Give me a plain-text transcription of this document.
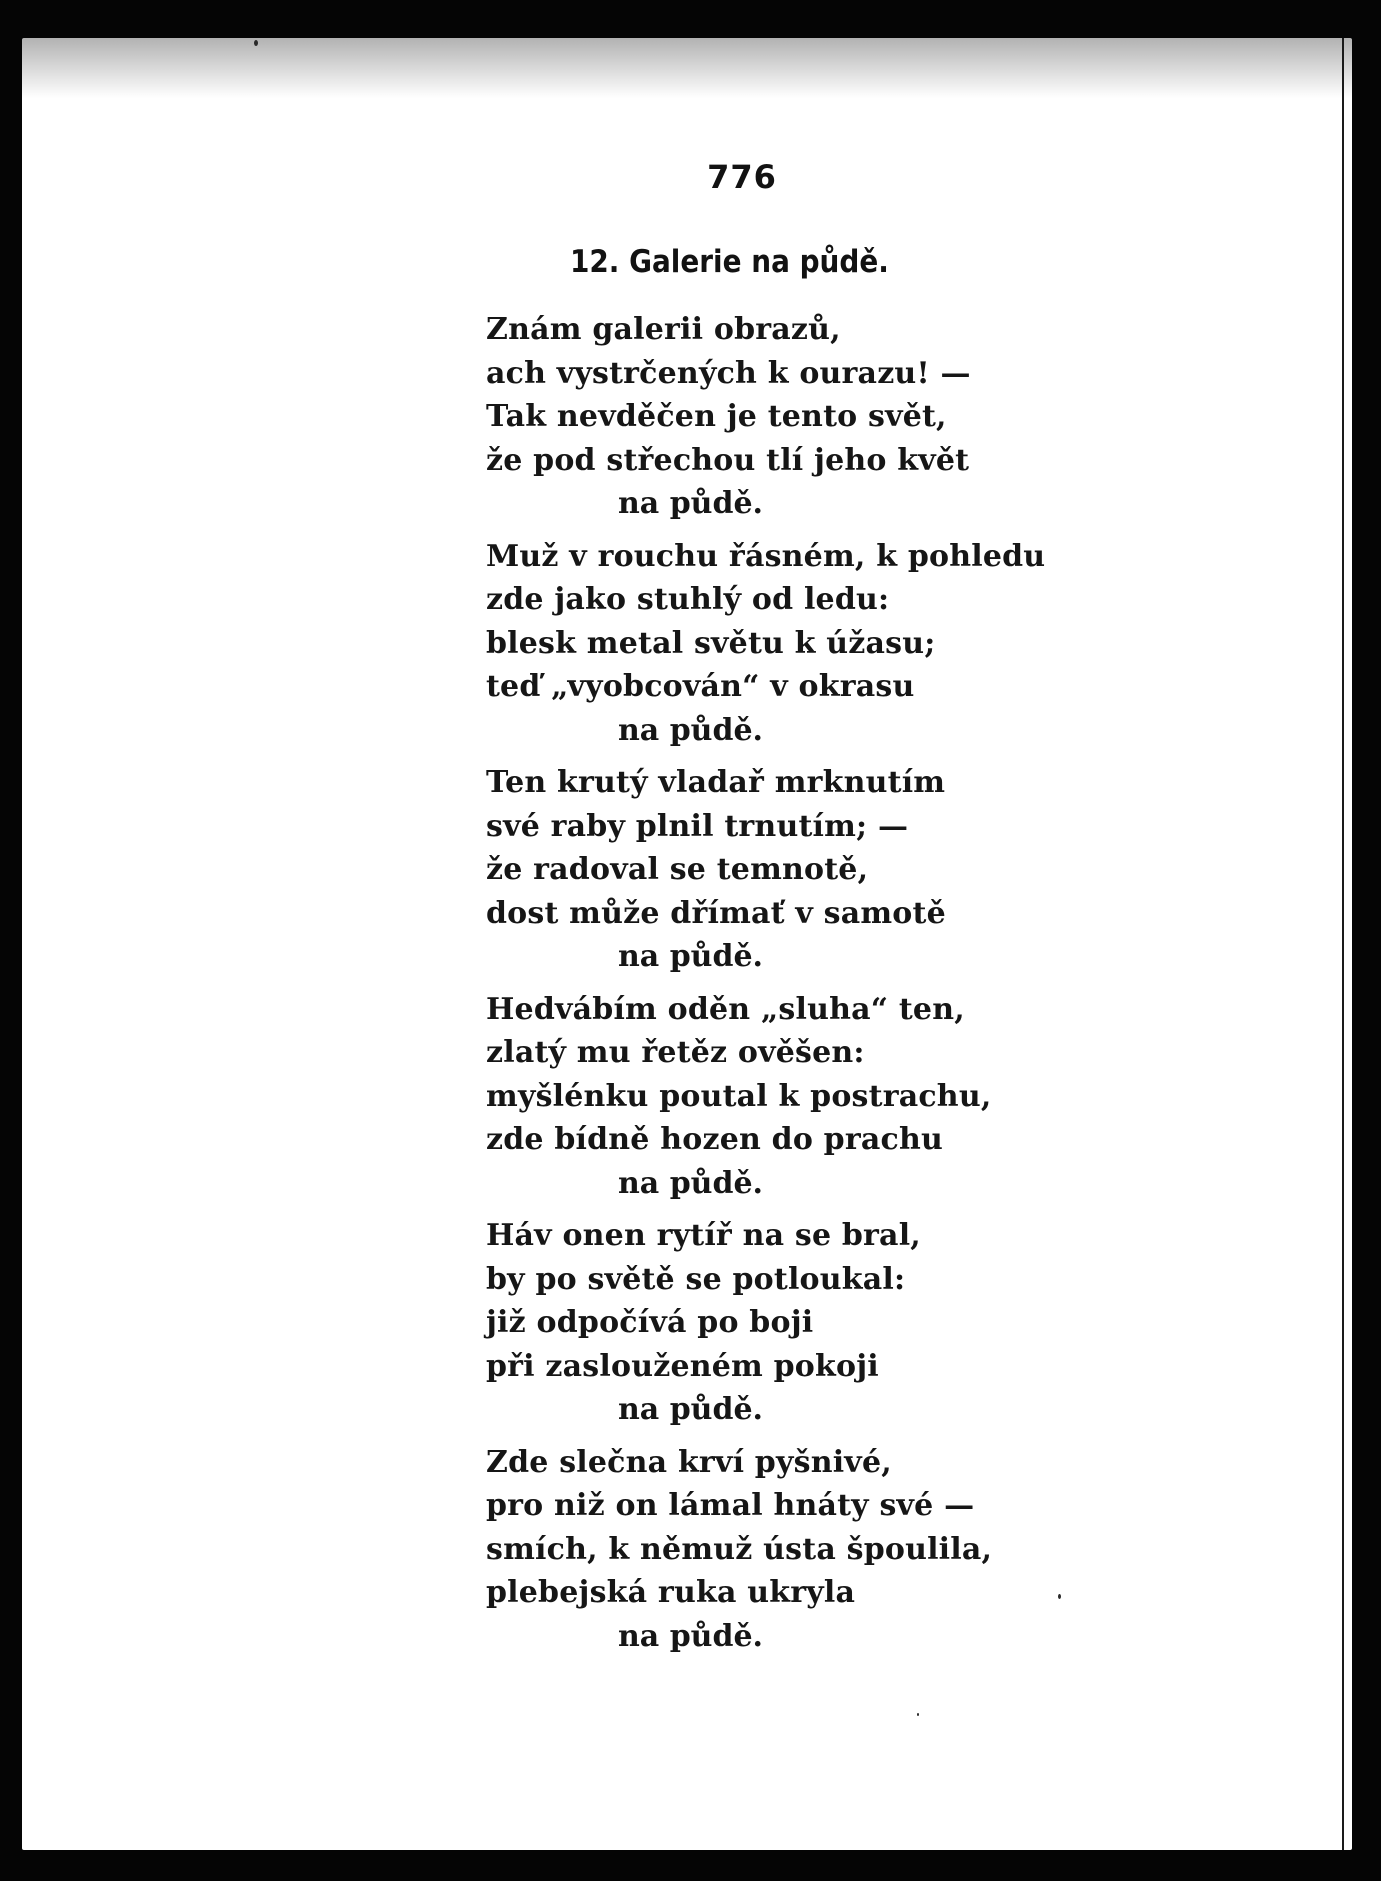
776
12. Galerie na půdě.
Znám galerii obrazů,
ach vystrčených k ourazu! —
Tak nevděčen je tento svět,
že pod střechou tlí jeho květ
na půdě.
Muž v rouchu řásném, k pohledu
zde jako stuhlý od ledu:
blesk metal světu k úžasu;
teď „vyobcován“ v okrasu
na půdě.
Ten krutý vladař mrknutím
své raby plnil trnutím; —
že radoval se temnotě,
dost může dřímať v samotě
na půdě.
Hedvábím oděn „sluha“ ten,
zlatý mu řetěz ověšen:
myšlénku poutal k postrachu,
zde bídně hozen do prachu
na půdě.
Háv onen rytíř na se bral,
by po světě se potloukal:
již odpočívá po boji
při zaslouženém pokoji
na půdě.
Zde slečna krví pyšnivé,
pro niž on lámal hnáty své —
smích, k němuž ústa špoulila,
plebejská ruka ukryla
na půdě.
